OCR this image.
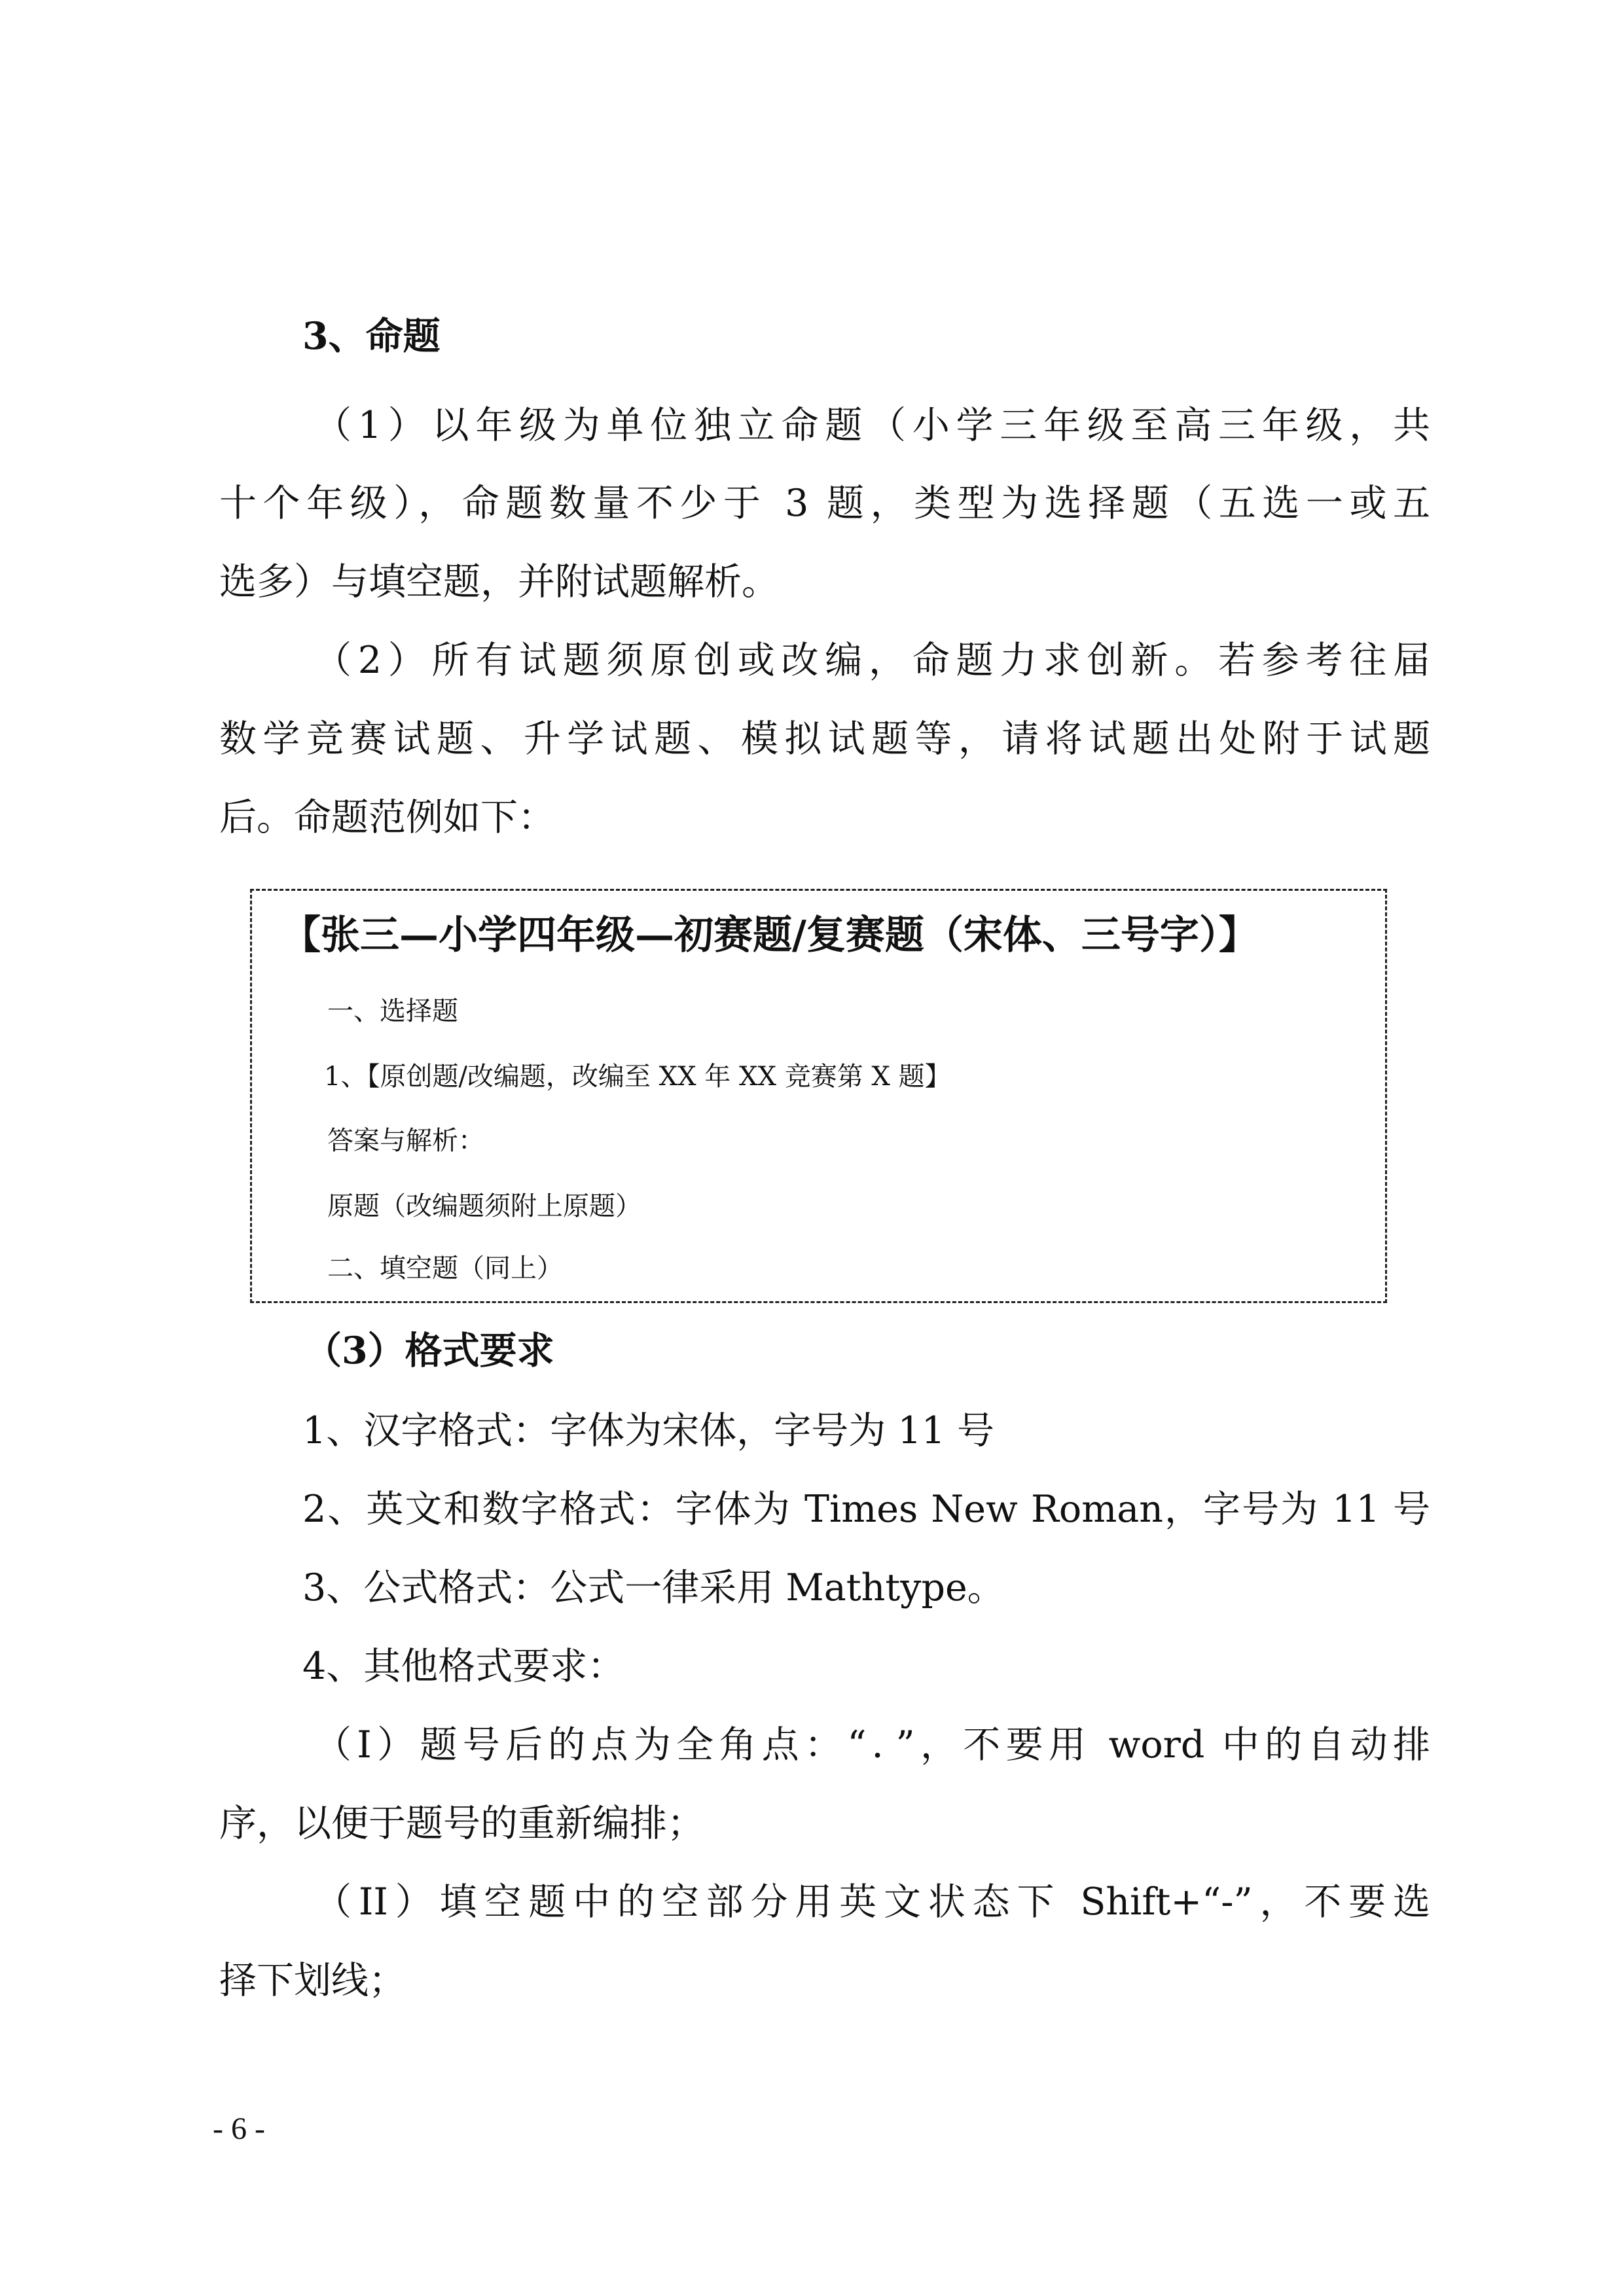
3、命题
（1）以年级为单位独立命题（小学三年级至高三年级，共
十个年级），命题数量不少于 3 题，类型为选择题（五选一或五
选多）与填空题，并附试题解析。
（2）所有试题须原创或改编，命题力求创新。若参考往届
数学竞赛试题、升学试题、模拟试题等，请将试题出处附于试题
后。命题范例如下：
【张三—小学四年级—初赛题/复赛题（宋体、三号字）】
一、选择题
1、【原创题/改编题，改编至 XX 年 XX 竞赛第 X 题】
答案与解析：
原题（改编题须附上原题）
二、填空题（同上）
（3）格式要求
1、汉字格式：字体为宋体，字号为 11 号
2、英文和数字格式：字体为 Times New Roman，字号为 11 号
3、公式格式：公式一律采用 Mathtype。
4、其他格式要求：
（I）题号后的点为全角点：“．”，不要用 word 中的自动排
序，以便于题号的重新编排；
（II）填空题中的空部分用英文状态下 Shift+“-”，不要选
择下划线；
- 6 -
